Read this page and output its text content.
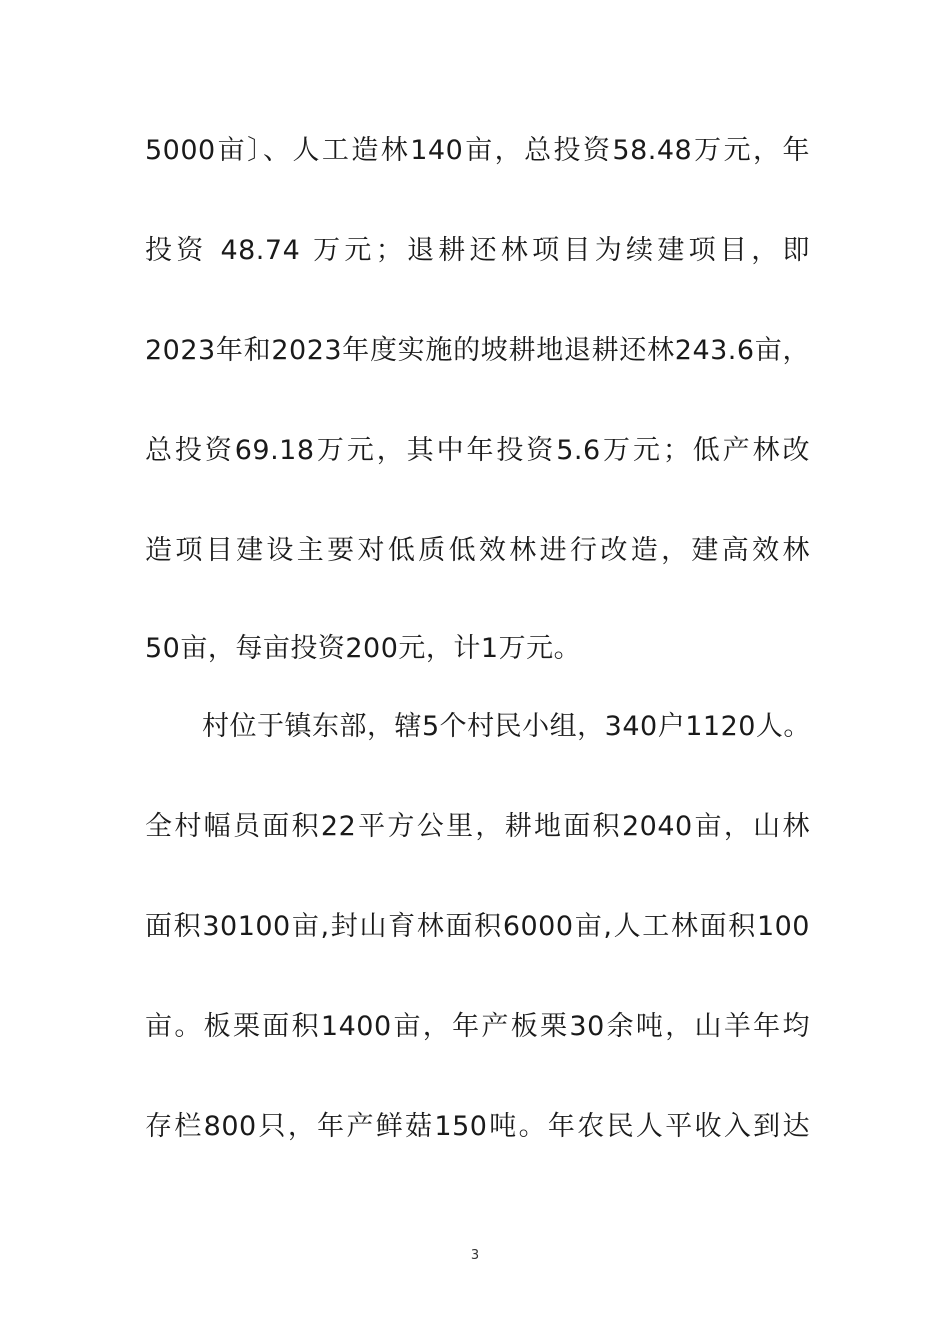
5000亩〕、人工造林140亩，总投资58.48万元，年
投资 48.74 万元；退耕还林项目为续建项目，即
2023年和2023年度实施的坡耕地退耕还林243.6亩，
总投资69.18万元，其中年投资5.6万元；低产林改
造项目建设主要对低质低效林进行改造，建高效林
50亩，每亩投资200元，计1万元。
村位于镇东部，辖5个村民小组，340户1120人。
全村幅员面积22平方公里，耕地面积2040亩，山林
面积30100亩,封山育林面积6000亩,人工林面积100
亩。板栗面积1400亩，年产板栗30余吨，山羊年均
存栏800只，年产鲜菇150吨。年农民人平收入到达
3
